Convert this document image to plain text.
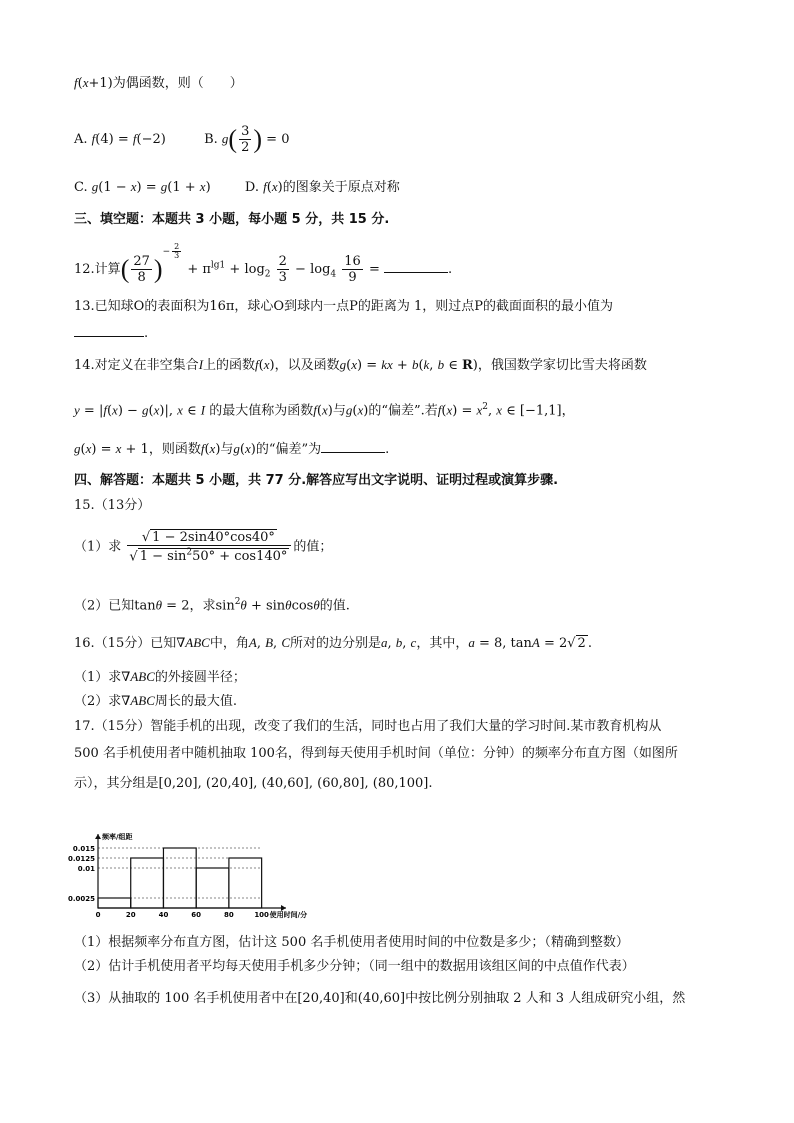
f(x+1)为偶函数，则（　　）
A. f(4) = f(−2)	B. $g( \frac{3}{2}$ ) = 0
C. g(1 − x) = g(1 + x)  D. f(x)的图象关于原点对称
三、填空题：本题共 3 小题，每小题 5 分，共 15 分.
12.计算( $\frac{27}{8} )^{- \frac{2}{3}}$
+ $\pi^{lg1} + \log_2 \frac{2}{3} - \log_4 \frac{16}{9}$ =	.
13.已知球O的表面积为16π，球心O到球内一点P的距离为 1，则过点P的截面面积的最小值为
.
14.对定义在非空集合I上的函数f(x)，以及函数g(x) = kx + b(k, b ∈ R)，俄国数学家切比雪夫将函数
y = |f(x) − g(x)|, x ∈ I 的最大值称为函数f(x)与g(x)的“偏差”.若$f(x) = x^2$, x ∈ [−1,1]，
g(x) = x + 1，则函数f(x)与g(x)的“偏差”为	.
四、解答题：本题共 5 小题，共 77 分.解答应写出文字说明、证明过程或演算步骤.
15.（13分）
（1）求 $\frac{√ 1 - 2\sin 40^\circ\cos 40^\circ}{√ 1 - \sin^250^\circ + \cos 140^\circ}$ 的值；
（2）已知tanθ = 2，求$\sin^2\theta + \sin\theta\cos\theta$的值.
16.（15分）已知∇ABC中，角A, B, C所对的边分别是a, b, c，其中，a = 8, tanA = 2√ 2 .
（1）求∇ABC的外接圆半径；
（2）求∇ABC周长的最大值.
17.（15分）智能手机的出现，改变了我们的生活，同时也占用了我们大量的学习时间.某市教育机构从
500 名手机使用者中随机抽取 100名，得到每天使用手机时间（单位：分钟）的频率分布直方图（如图所
示），其分组是[0,20], (20,40], (40,60], (60,80], (80,100].
0.015
0.0125
0.01
0.0025
0	20	40	60	80	100
频率/组距
使用时间/分
（1）根据频率分布直方图，估计这 500 名手机使用者使用时间的中位数是多少；（精确到整数）
（2）估计手机使用者平均每天使用手机多少分钟；（同一组中的数据用该组区间的中点值作代表）
（3）从抽取的 100 名手机使用者中在[20,40]和(40,60]中按比例分别抽取 2 人和 3 人组成研究小组，然
